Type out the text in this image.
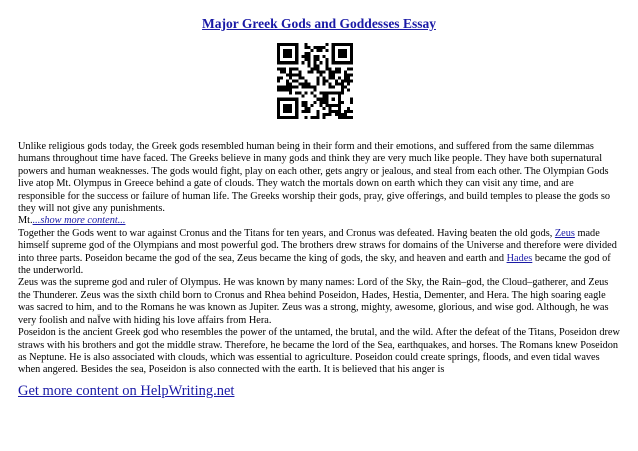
Major Greek Gods and Goddesses Essay

Unlike religious gods today, the Greek gods resembled human being in their form and their emotions, and suffered from the same dilemmas humans throughout time have faced. The Greeks believe in many gods and think they are very much like people. They have both supernatural powers and human weaknesses. The gods would fight, play on each other, gets angry or jealous, and steal from each other. The Olympian Gods live atop Mt. Olympus in Greece behind a gate of clouds. They watch the mortals down on earth which they can visit any time, and are responsible for the success or failure of human life. The Greeks worship their gods, pray, give offerings, and build temples to please the gods so they will not give any punishments.
Mt....show more content...

Together the Gods went to war against Cronus and the Titans for ten years, and Cronus was defeated. Having beaten the old gods, Zeus made himself supreme god of the Olympians and most powerful god. The brothers drew straws for domains of the Universe and therefore were divided into three parts. Poseidon became the god of the sea, Zeus became the king of gods, the sky, and heaven and earth and Hades became the god of the underworld.

Zeus was the supreme god and ruler of Olympus. He was known by many names: Lord of the Sky, the Rain–god, the Cloud–gatherer, and Zeus the Thunderer. Zeus was the sixth child born to Cronus and Rhea behind Poseidon, Hades, Hestia, Dementer, and Hera. The high soaring eagle was sacred to him, and to the Romans he was known as Jupiter. Zeus was a strong, mighty, awesome, glorious, and wise god. Although, he was very foolish and naÏve with hiding his love affairs from Hera.

Poseidon is the ancient Greek god who resembles the power of the untamed, the brutal, and the wild. After the defeat of the Titans, Poseidon drew straws with his brothers and got the middle straw. Therefore, he became the lord of the Sea, earthquakes, and horses. The Romans knew Poseidon as Neptune. He is also associated with clouds, which was essential to agriculture. Poseidon could create springs, floods, and even tidal waves when angered. Besides the sea, Poseidon is also connected with the earth. It is believed that his anger is

Get more content on HelpWriting.net
